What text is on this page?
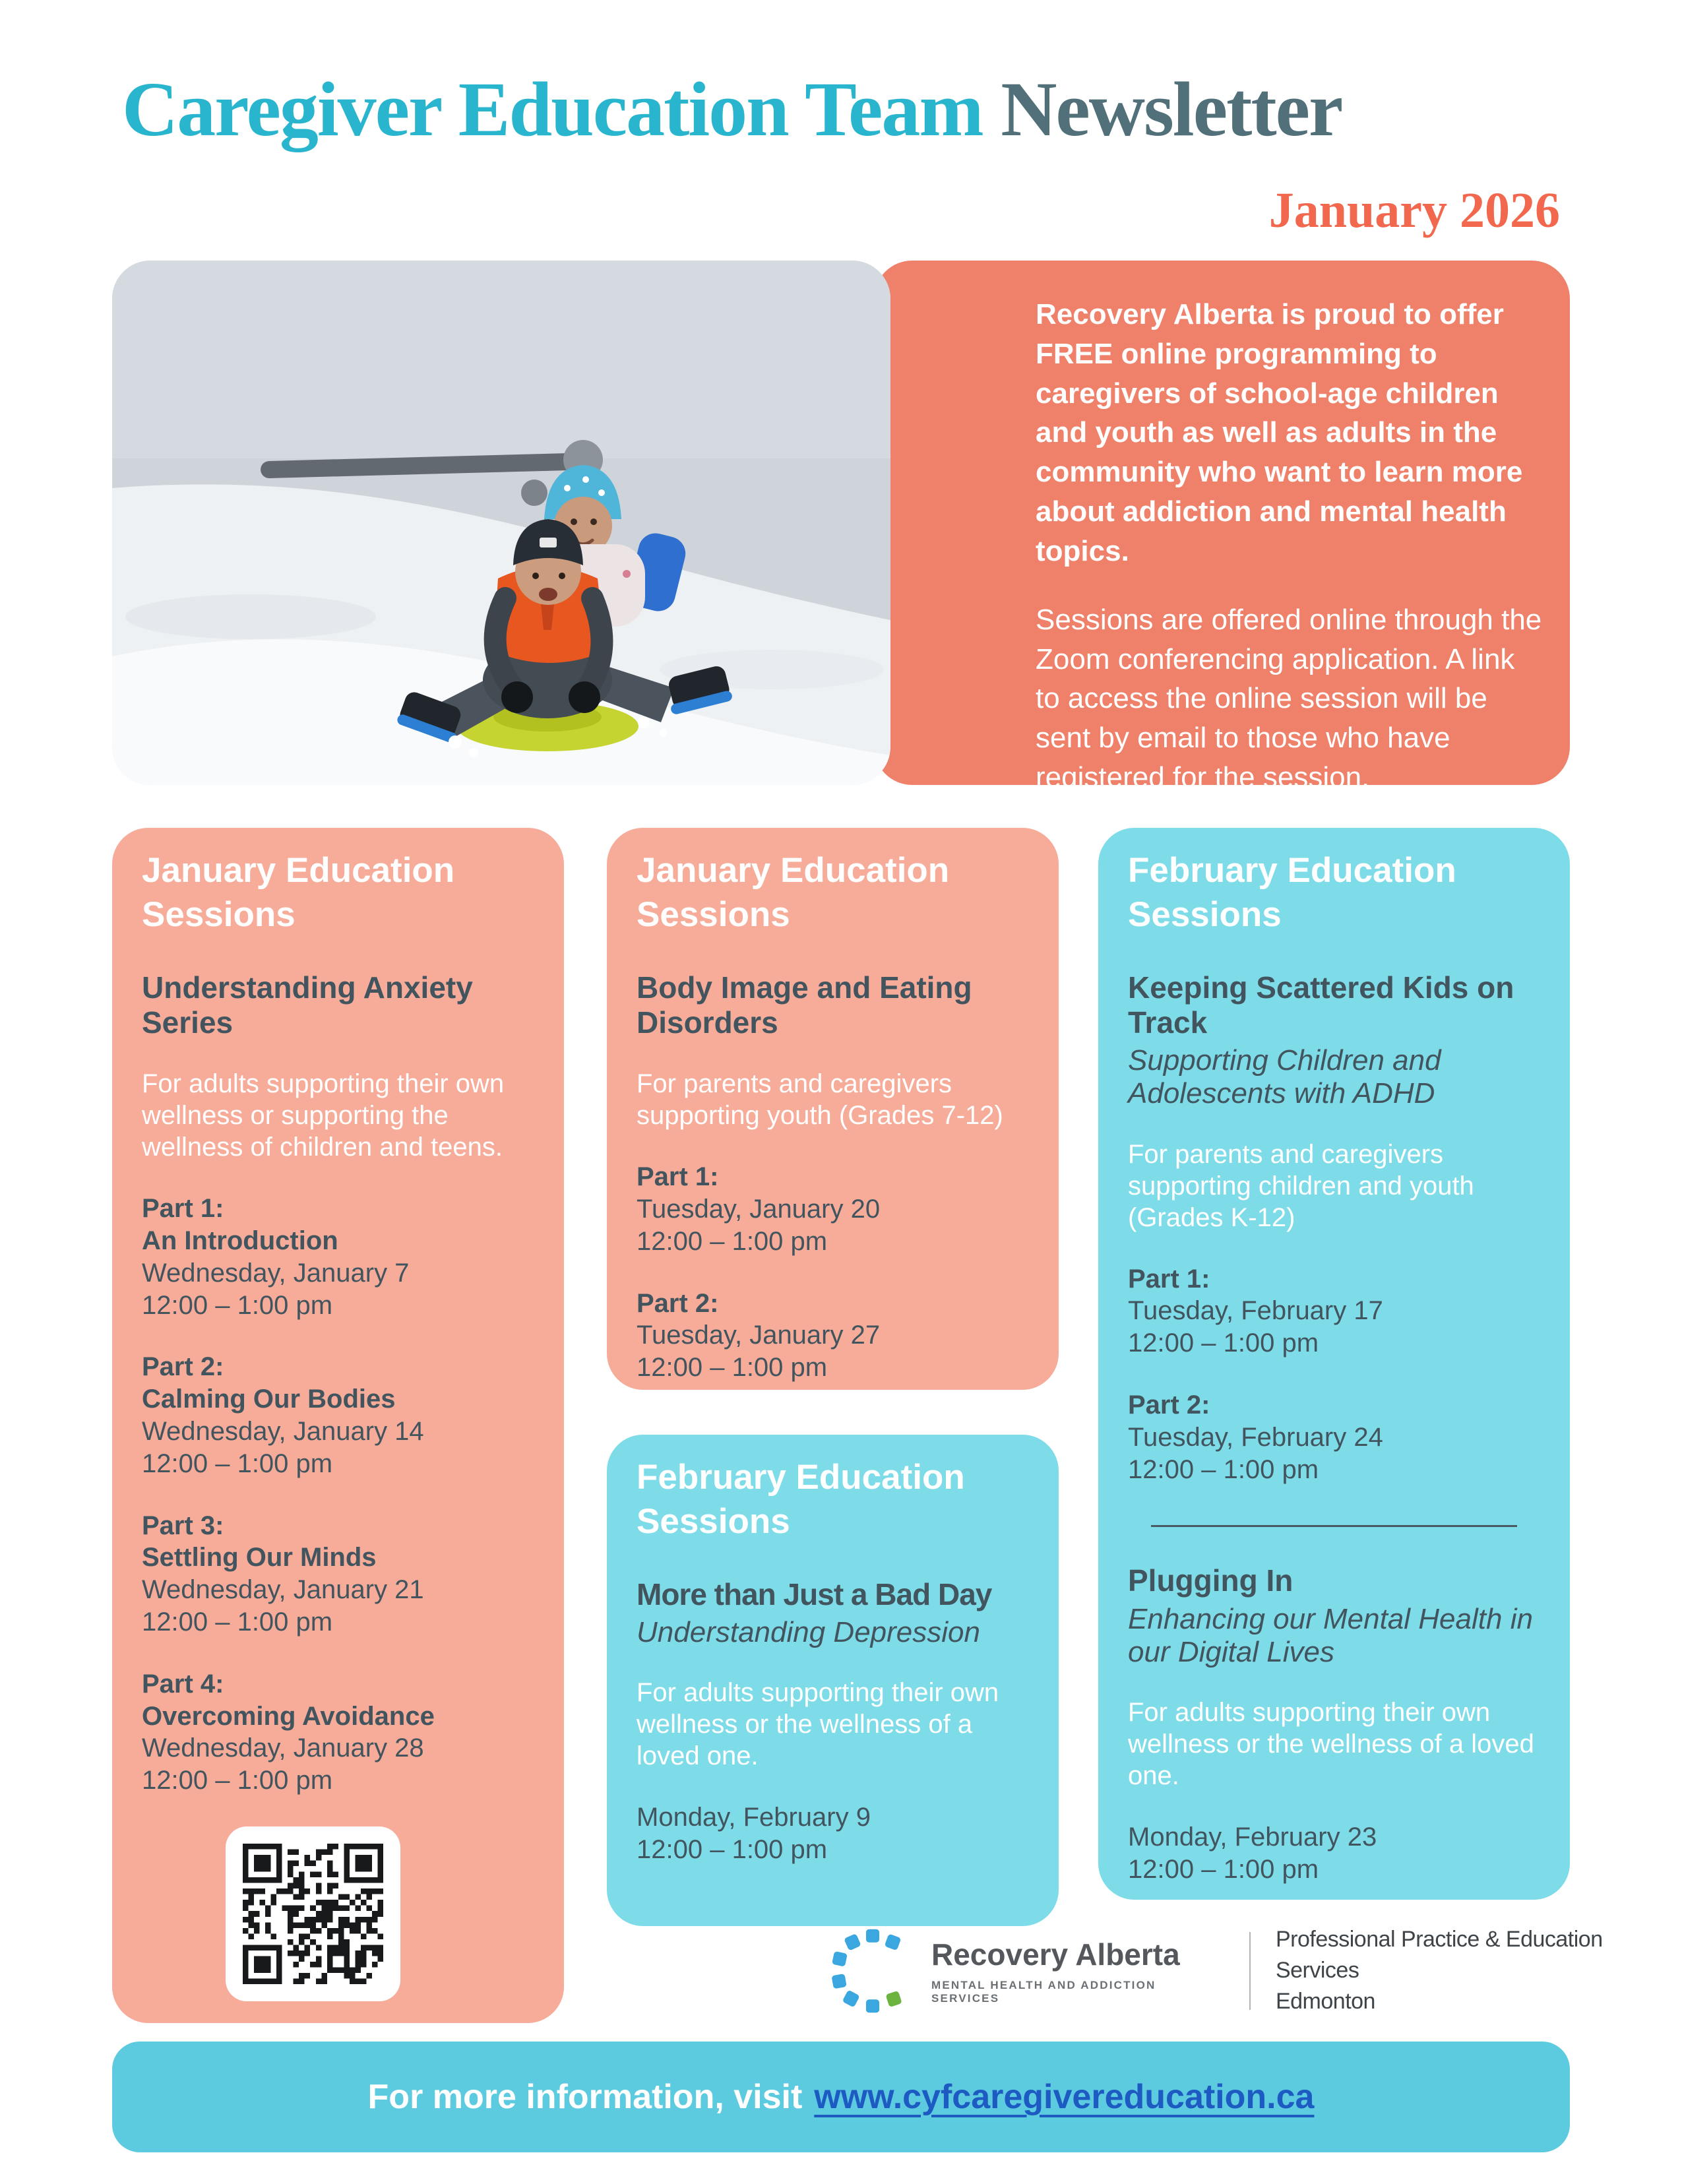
Caregiver Education Team Newsletter
January 2026

Recovery Alberta is proud to offer FREE online programming to caregivers of school-age children and youth as well as adults in the community who want to learn more about addiction and mental health topics.

Sessions are offered online through the Zoom conferencing application. A link to access the online session will be sent by email to those who have registered for the session.

January Education Sessions
Understanding Anxiety Series

For adults supporting their own wellness or supporting the wellness of children and teens.

Part 1:
An Introduction
Wednesday, January 7
12:00 – 1:00 pm
Part 2:
Calming Our Bodies
Wednesday, January 14
12:00 – 1:00 pm
Part 3:
Settling Our Minds
Wednesday, January 21
12:00 – 1:00 pm
Part 4:
Overcoming Avoidance
Wednesday, January 28
12:00 – 1:00 pm
January Education Sessions
Body Image and Eating Disorders

For parents and caregivers supporting youth (Grades 7-12)

Part 1:
Tuesday, January 20
12:00 – 1:00 pm
Part 2:
Tuesday, January 27
12:00 – 1:00 pm
February Education Sessions
More than Just a Bad Day
Understanding Depression

For adults supporting their own wellness or the wellness of a loved one.

Monday, February 9
12:00 – 1:00 pm
February Education Sessions
Keeping Scattered Kids on Track
Supporting Children and Adolescents with ADHD

For parents and caregivers supporting children and youth (Grades K-12)

Part 1:
Tuesday, February 17
12:00 – 1:00 pm
Part 2:
Tuesday, February 24
12:00 – 1:00 pm
Plugging In
Enhancing our Mental Health in our Digital Lives

For adults supporting their own wellness or the wellness of a loved one.

Monday, February 23
12:00 – 1:00 pm
Recovery Alberta
MENTAL HEALTH AND ADDICTION SERVICES
Professional Practice & Education Services
Edmonton
For more information, visit www.cyfcaregivereducation.ca
